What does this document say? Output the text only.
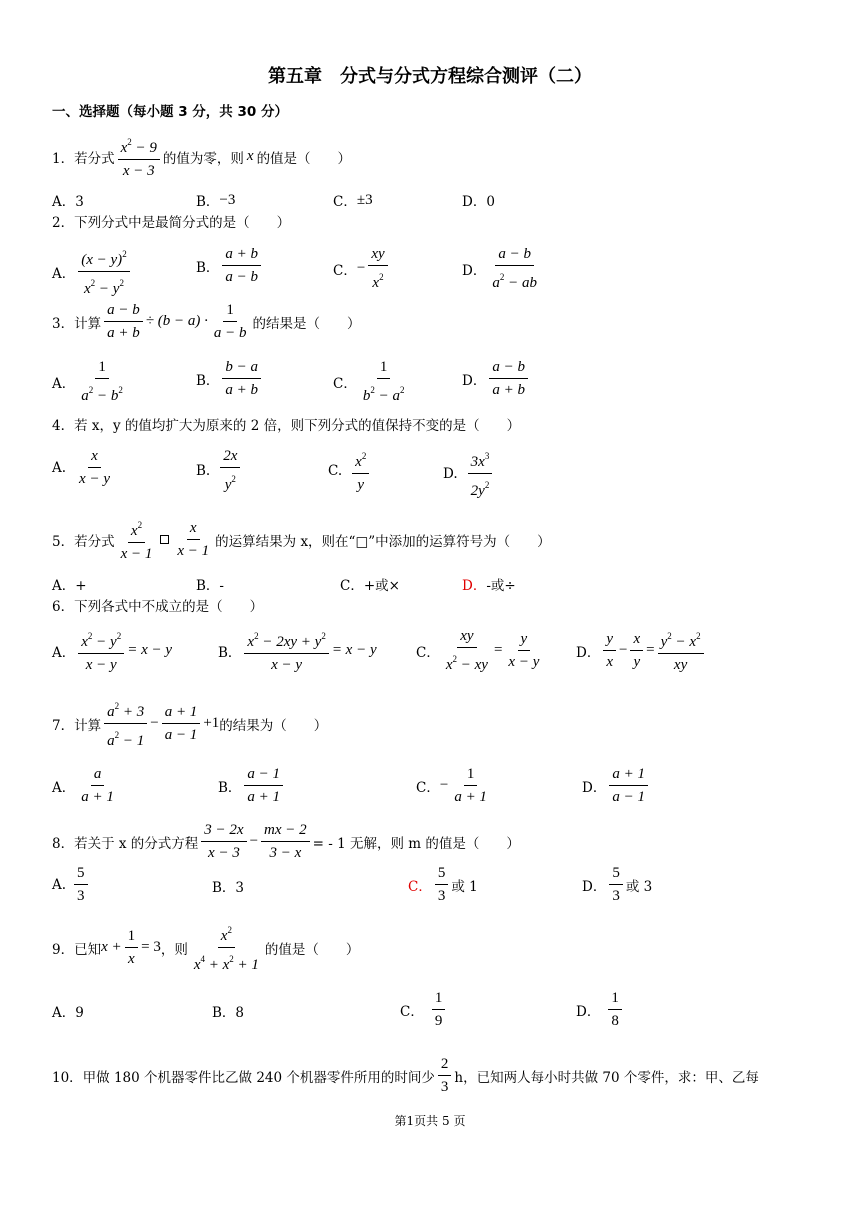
第五章　分式与分式方程综合测评（二）
一、选择题（每小题 3 分，共 30 分）
1．若分式 $\frac{x^2 - 9}{x - 3}$ 的值为零，则 x 的值是（　　）
A．3	B． −3	C． ±3	D．0
2．下列分式中是最简分式的是（　　）
A． $\frac{(x - y)^2}{x^2 - y^2}$	B． $\frac{a + b}{a - b}$	C． − $\frac{xy}{x^2}$	D． $\frac{a - b}{a^2 - ab}$
3．计算 $\frac{a - b}{a + b} \div (b - a) \cdot \frac{1}{a - b}$ 的结果是（　　）
A． $\frac{1}{a^2 - b^2}$	B． $\frac{b - a}{a + b}$	C． $\frac{1}{b^2 - a^2}$	D． $\frac{a - b}{a + b}$
4．若 x，y 的值均扩大为原来的 2 倍，则下列分式的值保持不变的是（　　）
A. $\frac{x}{x - y}$	B. $\frac{2x}{y^2}$	C. $\frac{x^2}{y}$	D. $\frac{3x^3}{2y^2}$
5．若分式 $\frac{x^2}{x - 1} \frac{x}{x - 1}$ 的运算结果为 x，则在“□”中添加的运算符号为（　　）
A．+	B．-	C．+或×	D． -或÷
6．下列各式中不成立的是（　　）
A． $\frac{x^2 - y^2}{x - y} = x - y$	B． $\frac{x^2 - 2xy + y^2}{x - y} = x - y$	C． $\frac{xy}{x^2 - xy} = \frac{y}{x - y}$ D． $\frac{y}{x} - \frac{x}{y} = \frac{y^2 - x^2}{xy}$
7．计算 $\frac{a^2 + 3}{a^2 - 1} - \frac{a + 1}{a - 1} +1$ 的结果为（　　）
A． $\frac{a}{a + 1}$	B． $\frac{a - 1}{a + 1}$	C． − $\frac{1}{a + 1}$	D． $\frac{a + 1}{a - 1}$
8．若关于 x 的分式方程 $\frac{3 - 2x}{x - 3} - \frac{mx - 2}{3 - x}$ = - 1 无解，则 m 的值是（　　）
A. $\frac{5}{3}$	B．3	C． $\frac{5}{3}$ 或 1	D． $\frac{5}{3}$ 或 3
9．已知 $x + \frac{1}{x} = 3$ ，则 $\frac{x^2}{x^4 + x^2 + 1}$ 的值是（　　）
A．9	B．8	C． $\frac{1}{9}$	D． $\frac{1}{8}$
10．甲做 180 个机器零件比乙做 240 个机器零件所用的时间少 $\frac{2}{3}$ h，已知两人每小时共做 70 个零件，求：甲、乙每
第1页共 5 页
